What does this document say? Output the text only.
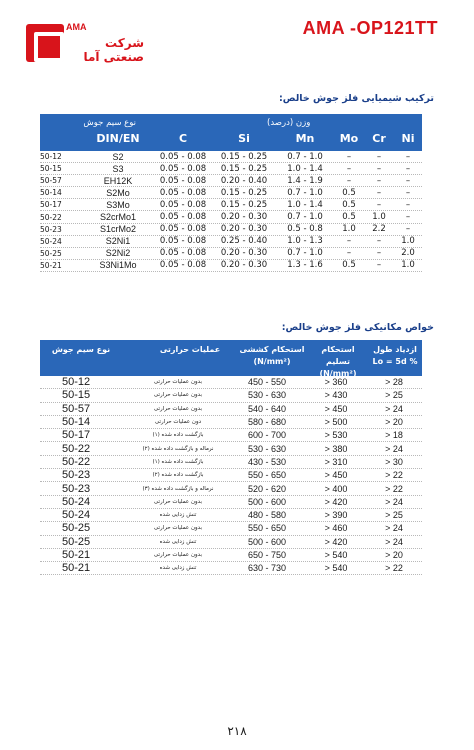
AMA
شرکت صنعتی آما
AMA -OP121TT
ترکیب شیمیایی فلز جوش خالص:
نوع سیم جوش	وزن (درصد)
DIN/EN	C	Si	Mn	Mo	Cr	Ni
50-12	S2	0.05 - 0.08	0.15 - 0.25	0.7 - 1.0	–	–	–
50-15	S3	0.05 - 0.08	0.15 - 0.25	1.0 - 1.4	–	–	–
50-57	EH12K	0.05 - 0.08	0.20 - 0.40	1.4 - 1.9	–	–	–
50-14	S2Mo	0.05 - 0.08	0.15 - 0.25	0.7 - 1.0	0.5	–	–
50-17	S3Mo	0.05 - 0.08	0.15 - 0.25	1.0 - 1.4	0.5	–	–
50-22	S2crMo1	0.05 - 0.08	0.20 - 0.30	0.7 - 1.0	0.5	1.0	–
50-23	S1crMo2	0.05 - 0.08	0.20 - 0.30	0.5 - 0.8	1.0	2.2	–
50-24	S2Ni1	0.05 - 0.08	0.25 - 0.40	1.0 - 1.3	–	–	1.0
50-25	S2Ni2	0.05 - 0.08	0.20 - 0.30	0.7 - 1.0	–	–	2.0
50-21	S3Ni1Mo	0.05 - 0.08	0.20 - 0.30	1.3 - 1.6	0.5	–	1.0
خواص مکانیکی فلز جوش خالص:
نوع سیم جوش	عملیات حرارتی	استحکام کششی
(N/mm²)
استحکام تسلیم
(N/mm²)
ازدیاد طول
Lo = 5d %
50-12	بدون عملیات حرارتی	450 - 550	> 360	> 28
50-15	بدون عملیات حرارتی	530 - 630	> 430	> 25
50-57	بدون عملیات حرارتی	540 - 640	> 450	> 24
50-14	دون عملیات حرارتی	580 - 680	> 500	> 20
50-17	بازگشت داده شده (۱)	600 - 700	> 530	> 18
50-22	نرماله و بازگشت داده شده (۲)	530 - 630	> 380	> 24
50-22	بازگشت داده شده (۱)	430 - 530	> 310	> 30
50-23	بازگشت داده شده (۲)	550 - 650	> 450	> 22
50-23	نرماله و بازگشت داده شده (۳)	520 - 620	> 400	> 22
50-24	بدون عملیات حرارتی	500 - 600	> 420	> 24
50-24	تنش زدایی شده	480 - 580	> 390	> 25
50-25	بدون عملیات حرارتی	550 - 650	> 460	> 24
50-25	تنش زدایی شده	500 - 600	> 420	> 24
50-21	بدون عملیات حرارتی	650 - 750	> 540	> 20
50-21	تنش زدایی شده	630 - 730	> 540	> 22
۲۱۸
